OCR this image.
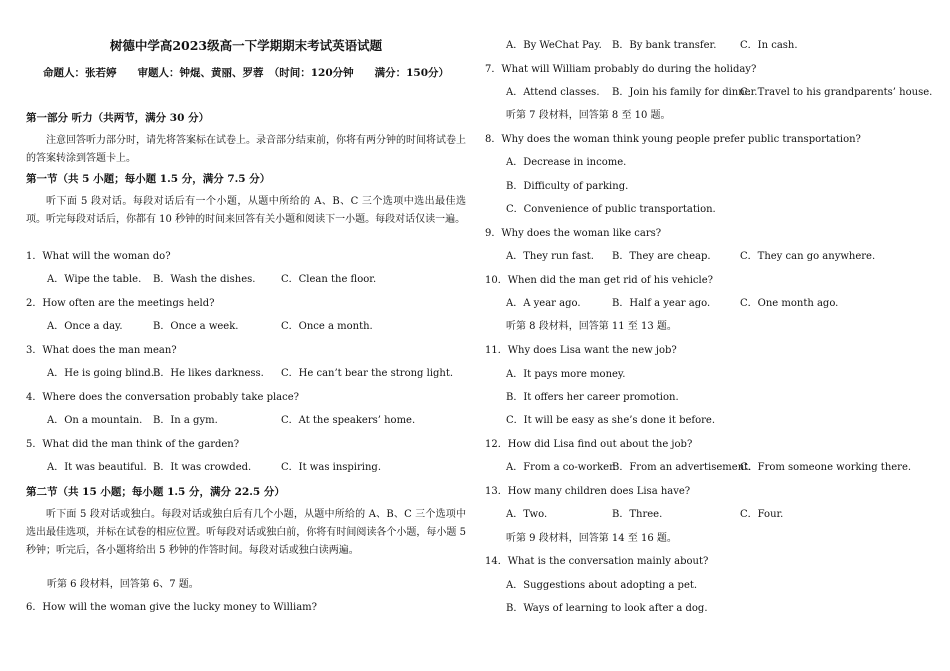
树德中学高2023级高一下学期期末考试英语试题
命题人：张若婷　　审题人：钟焜、黄丽、罗蓉　（时间：120分钟　　满分：150分）
第一部分 听力（共两节，满分 30 分）
注意回答听力部分时，请先将答案标在试卷上。录音部分结束前，你将有两分钟的时间将试卷上的答案转涂到答题卡上。
第一节（共 5 小题；每小题 1.5 分，满分 7.5 分）
听下面 5 段对话。每段对话后有一个小题，从题中所给的 A、B、C 三个选项中选出最佳选项。听完每段对话后，你都有 10 秒钟的时间来回答有关小题和阅读下一小题。每段对话仅读一遍。
1．What will the woman do?
A．Wipe the table. B．Wash the dishes.	C．Clean the floor.
2．How often are the meetings held?
A．Once a day.	B．Once a week.	C．Once a month.
3．What does the man mean?
A．He is going blind.
B．He likes darkness. C．He can’t bear the strong light.
4．Where does the conversation probably take place?
A．On a mountain. B．In a gym.	C．At the speakers’ home.
5．What did the man think of the garden?
A．It was beautiful. B．It was crowded.	C．It was inspiring.
第二节（共 15 小题；每小题 1.5 分，满分 22.5 分）
听下面 5 段对话或独白。每段对话或独白后有几个小题，从题中所给的 A、B、C 三个选项中选出最佳选项，并标在试卷的相应位置。听每段对话或独白前，你将有时间阅读各个小题，每小题 5 秒钟；听完后，各小题将给出 5 秒钟的作答时间。每段对话或独白读两遍。
听第 6 段材料，回答第 6、7 题。
6．How will the woman give the lucky money to William?
A．By WeChat Pay. B．By bank transfer. C．In cash.
7．What will William probably do during the holiday?
A．Attend classes. B．Join his family for dinner.
C．Travel to his grandparents’ house.
听第 7 段材料，回答第 8 至 10 题。
8．Why does the woman think young people prefer public transportation?
A．Decrease in income.
B．Difficulty of parking.
C．Convenience of public transportation.
9．Why does the woman like cars?
A．They run fast. B．They are cheap.	C．They can go anywhere.
10．When did the man get rid of his vehicle?
A．A year ago.	B．Half a year ago.	C．One month ago.
听第 8 段材料，回答第 11 至 13 题。
11．Why does Lisa want the new job?
A．It pays more money.
B．It offers her career promotion.
C．It will be easy as she’s done it before.
12．How did Lisa find out about the job?
A．From a co-worker.
B．From an advertisement.
C．From someone working there.
13．How many children does Lisa have?
A．Two.	B．Three.	C．Four.
听第 9 段材料，回答第 14 至 16 题。
14．What is the conversation mainly about?
A．Suggestions about adopting a pet.
B．Ways of learning to look after a dog.
